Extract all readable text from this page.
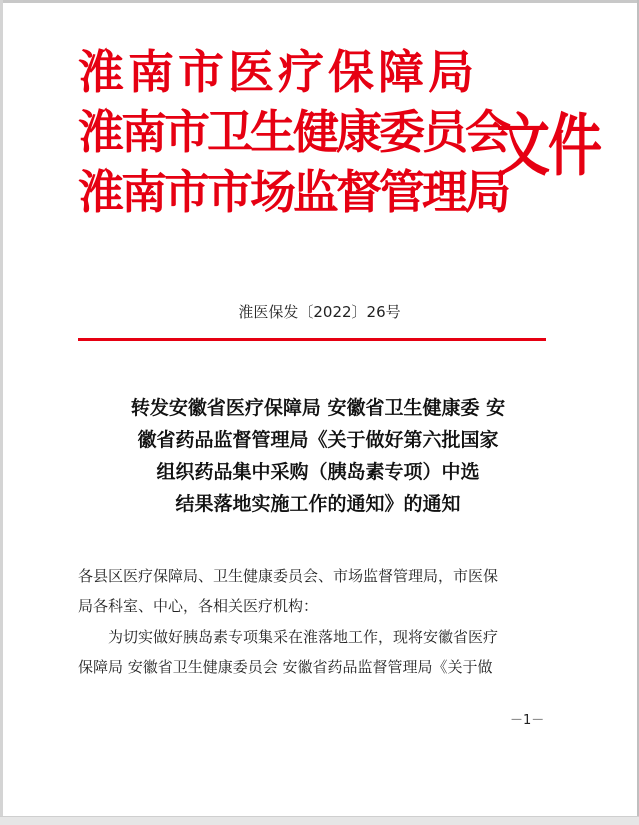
淮南市医疗保障局
淮南市卫生健康委员会
淮南市市场监督管理局
文件
淮医保发〔2022〕26号
转发安徽省医疗保障局 安徽省卫生健康委 安
徽省药品监督管理局《关于做好第六批国家
组织药品集中采购（胰岛素专项）中选
结果落地实施工作的通知》的通知
各县区医疗保障局、卫生健康委员会、市场监督管理局，市医保
局各科室、中心，各相关医疗机构：
为切实做好胰岛素专项集采在淮落地工作，现将安徽省医疗
保障局 安徽省卫生健康委员会 安徽省药品监督管理局《关于做
－1－
